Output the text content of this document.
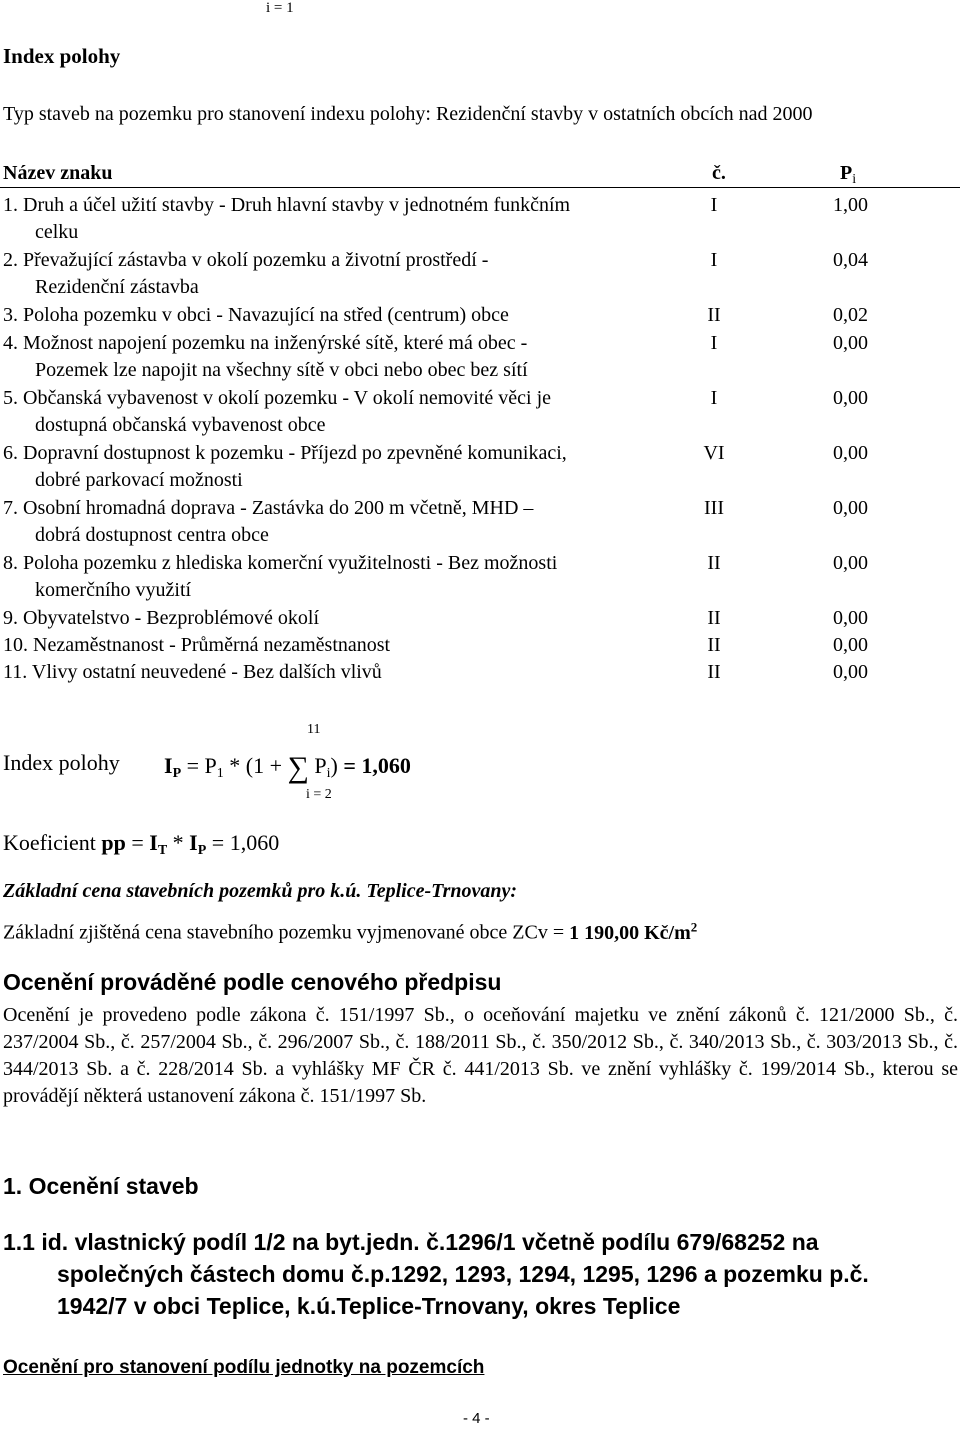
i = 1
Index polohy
Typ staveb na pozemku pro stanovení indexu polohy: Rezidenční stavby v ostatních obcích nad 2000
Název znaku	č.	$P_i$
1. Druh a účel užití stavby - Druh hlavní stavby v jednotném funkčním
celku
I	1,00
2. Převažující zástavba v okolí pozemku a životní prostředí -
Rezidenční zástavba
I	0,04
3. Poloha pozemku v obci - Navazující na střed (centrum) obce	II	0,02
4. Možnost napojení pozemku na inženýrské sítě, které má obec -
Pozemek lze napojit na všechny sítě v obci nebo obec bez sítí
I	0,00
5. Občanská vybavenost v okolí pozemku - V okolí nemovité věci je
dostupná občanská vybavenost obce
I	0,00
6. Dopravní dostupnost k pozemku - Příjezd po zpevněné komunikaci,
dobré parkovací možnosti
VI	0,00
7. Osobní hromadná doprava - Zastávka do 200 m včetně, MHD –
dobrá dostupnost centra obce
III	0,00
8. Poloha pozemku z hlediska komerční využitelnosti - Bez možnosti
komerčního využití
II	0,00
9. Obyvatelstvo - Bezproblémové okolí	II	0,00
10. Nezaměstnanost - Průměrná nezaměstnanost	II	0,00
11. Vlivy ostatní neuvedené - Bez dalších vlivů	II	0,00
11
Index polohy $I_P = P_1 * (1$ + ∑ $P_i) = 1,060$
i = 2
Koeficient pp = $I_T * I_P = 1,060$
Základní cena stavebních pozemků pro k.ú. Teplice-Trnovany:
Základní zjištěná cena stavebního pozemku vyjmenované obce ZCv = 1 190,00 $Kč/m^2$
Ocenění prováděné podle cenového předpisu
Ocenění je provedeno podle zákona č. 151/1997 Sb., o oceňování majetku ve znění zákonů č. 121/2000 Sb., č. 237/2004 Sb., č. 257/2004 Sb., č. 296/2007 Sb., č. 188/2011 Sb., č. 350/2012 Sb., č. 340/2013 Sb., č. 303/2013 Sb., č. 344/2013 Sb. a č. 228/2014 Sb. a vyhlášky MF ČR č. 441/2013 Sb. ve znění vyhlášky č. 199/2014 Sb., kterou se provádějí některá ustanovení zákona č. 151/1997 Sb.
1. Ocenění staveb
1.1 id. vlastnický podíl 1/2 na byt.jedn. č.1296/1 včetně podílu 679/68252 na
společných částech domu č.p.1292, 1293, 1294, 1295, 1296 a pozemku p.č.
1942/7 v obci Teplice, k.ú.Teplice-Trnovany, okres Teplice
Ocenění pro stanovení podílu jednotky na pozemcích
- 4 -
